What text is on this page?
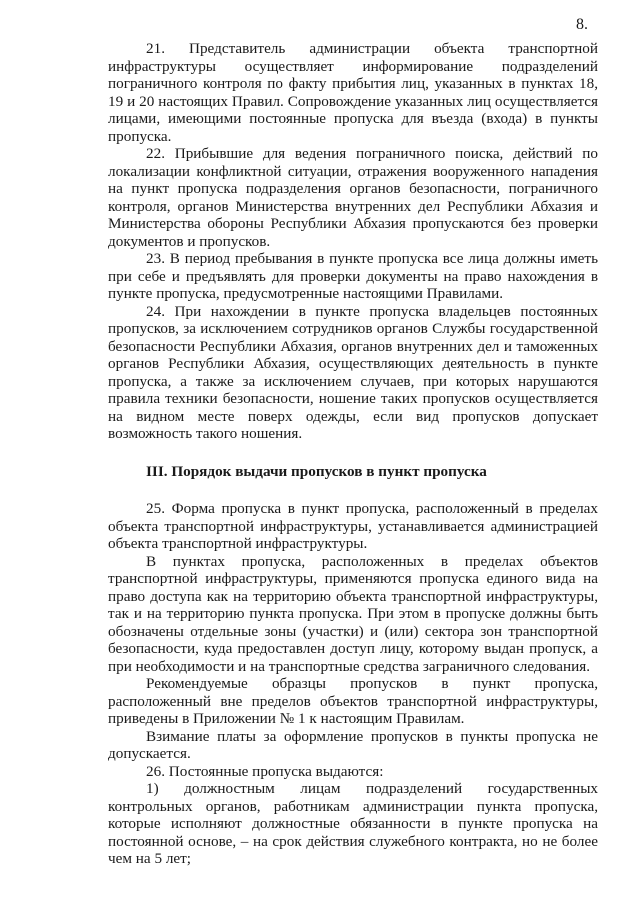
8.

21. Представитель администрации объекта транспортной инфраструктуры осуществляет информирование подразделений пограничного контроля по факту прибытия лиц, указанных в пунктах 18, 19 и 20 настоящих Правил. Сопровождение указанных лиц осуществляется лицами, имеющими постоянные пропуска для въезда (входа) в пункты пропуска.

22. Прибывшие для ведения пограничного поиска, действий по локализации конфликтной ситуации, отражения вооруженного нападения на пункт пропуска подразделения органов безопасности, пограничного контроля, органов Министерства внутренних дел Республики Абхазия и Министерства обороны Республики Абхазия пропускаются без проверки документов и пропусков.

23. В период пребывания в пункте пропуска все лица должны иметь при себе и предъявлять для проверки документы на право нахождения в пункте пропуска, предусмотренные настоящими Правилами.

24. При нахождении в пункте пропуска владельцев постоянных пропусков, за исключением сотрудников органов Службы государственной безопасности Республики Абхазия, органов внутренних дел и таможенных органов Республики Абхазия, осуществляющих деятельность в пункте пропуска, а также за исключением случаев, при которых нарушаются правила техники безопасности, ношение таких пропусков осуществляется на видном месте поверх одежды, если вид пропусков допускает возможность такого ношения.

III. Порядок выдачи пропусков в пункт пропуска

25. Форма пропуска в пункт пропуска, расположенный в пределах объекта транспортной инфраструктуры, устанавливается администрацией объекта транспортной инфраструктуры.

В пунктах пропуска, расположенных в пределах объектов транспортной инфраструктуры, применяются пропуска единого вида на право доступа как на территорию объекта транспортной инфраструктуры, так и на территорию пункта пропуска. При этом в пропуске должны быть обозначены отдельные зоны (участки) и (или) сектора зон транспортной безопасности, куда предоставлен доступ лицу, которому выдан пропуск, а при необходимости и на транспортные средства заграничного следования.

Рекомендуемые образцы пропусков в пункт пропуска, расположенный вне пределов объектов транспортной инфраструктуры, приведены в Приложении № 1 к настоящим Правилам.

Взимание платы за оформление пропусков в пункты пропуска не допускается.

26. Постоянные пропуска выдаются:

1) должностным лицам подразделений государственных контрольных органов, работникам администрации пункта пропуска, которые исполняют должностные обязанности в пункте пропуска на постоянной основе, – на срок действия служебного контракта, но не более чем на 5 лет;
